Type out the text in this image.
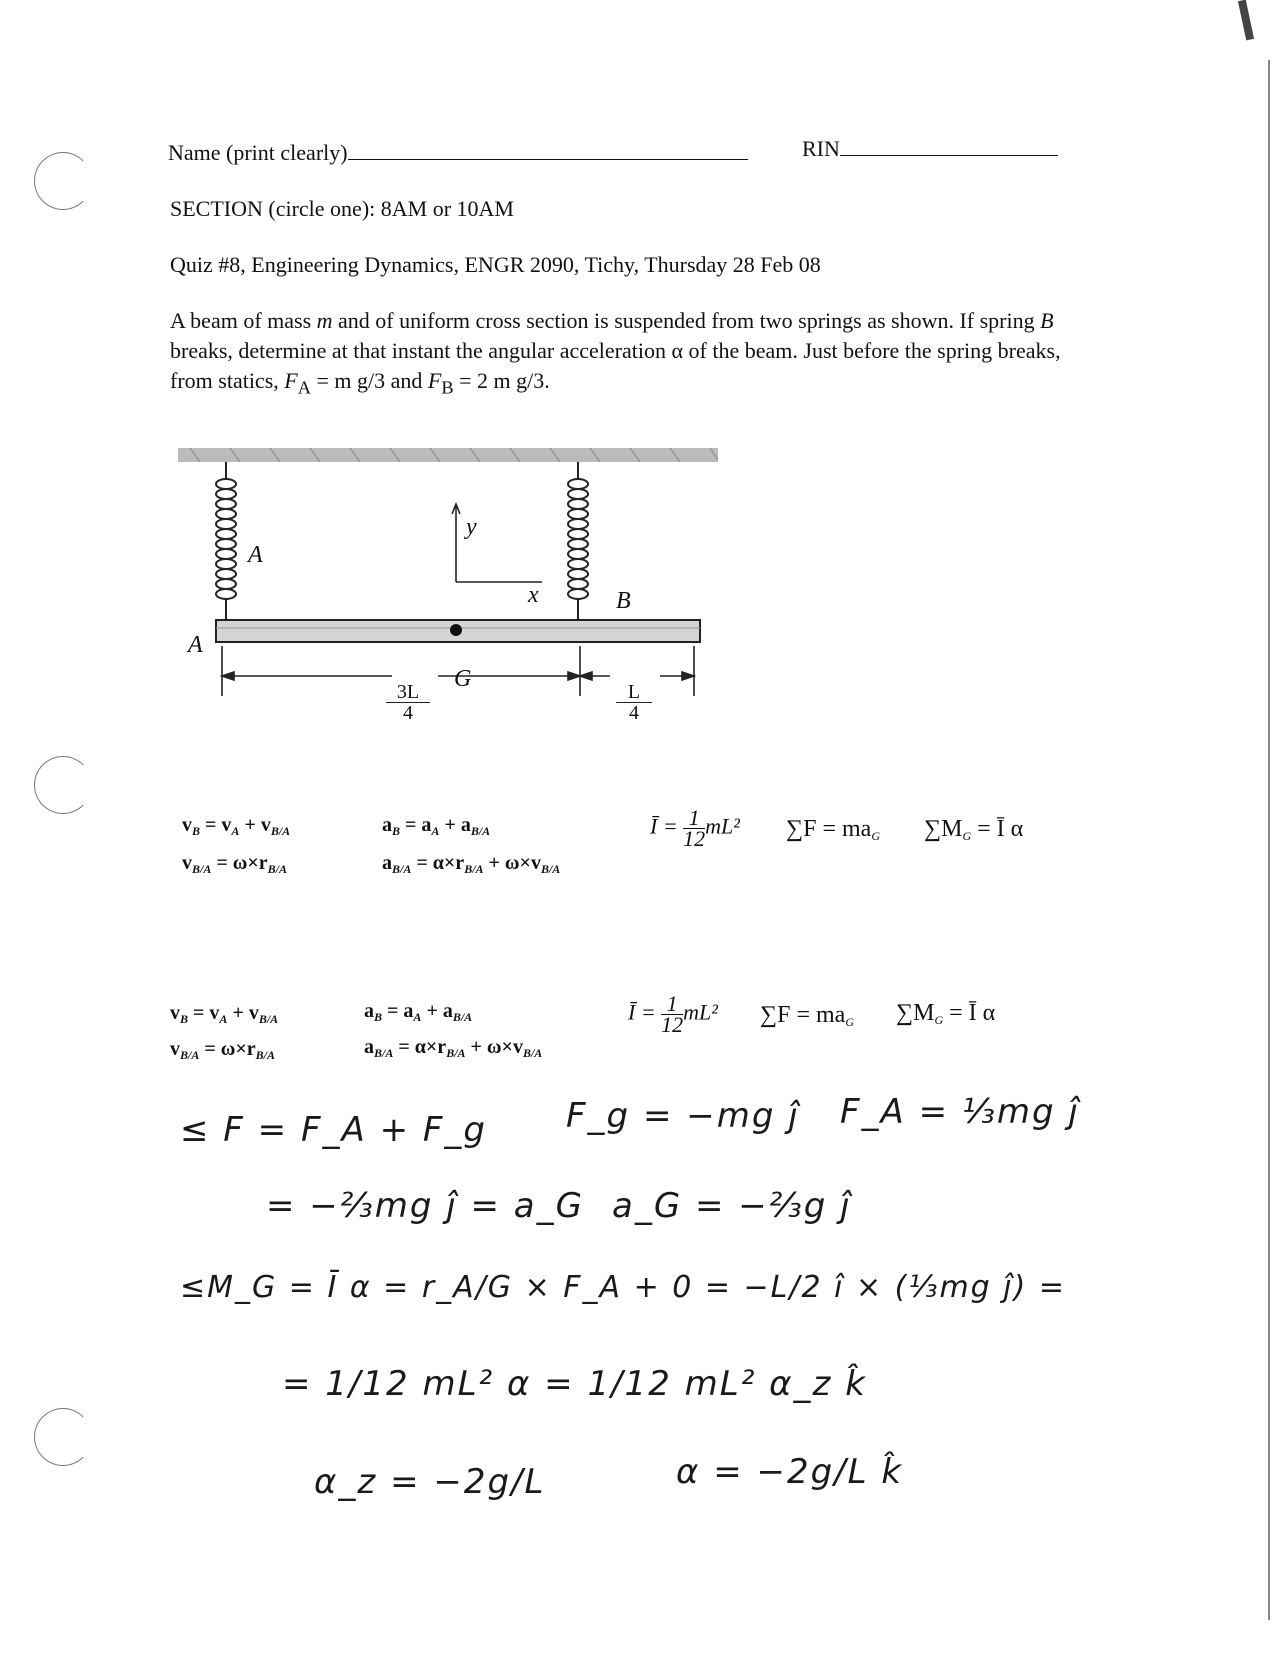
Name (print clearly)	RIN
SECTION (circle one): 8AM or 10AM
Quiz #8, Engineering Dynamics, ENGR 2090, Tichy, Thursday 28 Feb 08
A beam of mass m and of uniform cross section is suspended from two springs as shown. If spring B breaks, determine at that instant the angular acceleration α of the beam. Just before the spring breaks, from statics, $F_A = m$ g/3 and $F_B = 2$ m g/3.
A
A
B
y
x
G
$\frac{3L}{4}$	$\frac{L}{4}$
$v_B = v_A + v_{B/A}$
$v_{B/A} = \omega\times r_{B/A}$
$a_B = a_A + a_{B/A}$
$a_{B/A} = \alpha\times r_{B/A} + \omega\times v_{B/A}$
Ī = $\frac{1}{12} mL^2$ $\sum F = ma_G$ $\sum M_G$ = Ī α
$v_B = v_A + v_{B/A}$
$v_{B/A} = \omega\times r_{B/A}$
$a_B = a_A + a_{B/A}$
$a_{B/A} = \alpha\times r_{B/A} + \omega\times v_{B/A}$
Ī = $\frac{1}{12} mL^2$ $\sum F = ma_G$ $\sum M_G$ = Ī α
≤ F = F_A + F_g F_g = −mg ĵ F_A = ⅓mg ĵ
= −⅔mg ĵ = a_G a_G = −⅔g ĵ
≤M_G = Ī α = r_A/G × F_A + 0 = −L/2 î × (⅓mg ĵ) =
= 1/12 mL² α = 1/12 mL² α_z k̂
α_z = −2g/L	α = −2g/L k̂
